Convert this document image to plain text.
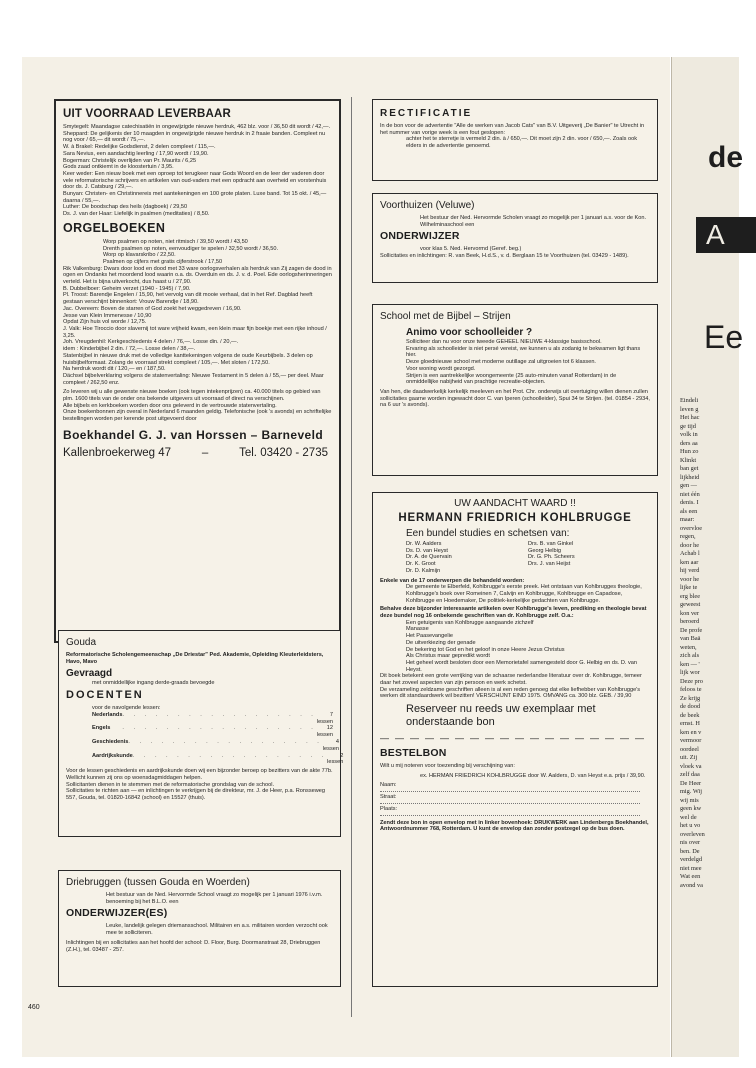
UIT VOORRAAD LEVERBAAR

Smytegelt: Maandagse catechisatiën in ongewijzigde nieuwe herdruk, 462 blz. voor / 36,50 dit wordt / 42,—.

Sheppard: De gelijkenis der 10 maagden in ongewijzigde nieuwe herdruk in 2 fraaie banden. Compleet nu nog voor / 65,— dit wordt / 75,—.

W. à Brakel: Redelijke Godsdienst, 2 delen compleet / 115,—.

Sara Nevius, een aandachtig leerling / 17,90 wordt / 19,90.

Bogerman: Christelijk overlijden van Pr. Maurits / 6,25

Gods zaad ontkiemt in de kloostertuin / 3,95.

Keer weder: Een nieuw boek met een oproep tot terugkeer naar Gods Woord en de leer der vaderen door vele reformatorische schrijvers en artikelen van oud-vaders met een opdracht aan overheid en vorstenhuis door ds. J. Catsburg / 29,—.

Bunyan: Christen- en Christinnereis met aantekeningen en 100 grote platen. Luxe band. Tot 15 okt. / 45,— daarna / 55,—.

Luther: De boodschap des heils (dagboek) / 29,50

Ds. J. van der Haar: Liefelijk in psalmen (meditaties) / 8,50.

ORGELBOEKEN

Worp psalmen op noten, niet ritmisch / 39,50 wordt / 43,50

Drenth psalmen op noten, eenvoudiger te spelen / 32,50 wordt / 36,50.

Worp op klavarskribo / 22,50.

Psalmen op cijfers met gratis cijferstrook / 17,50

Rik Valkenburg: Dwars door lood en dood met 33 ware oorlogsverhalen als herdruk van Zij zagen de dood in ogen en Ondanks het moordend lood waarin o.a. ds. Overduin en ds. J. v. d. Poel. Ede oorlogsherinneringen verteld. Het is bijna uitverkocht, dus haast u / 27,90.

B. Dubbelboer: Geheim verzet (1940 - 1945) / 7,90.

Pl. Troost: Barendje Engelen / 15,90, het vervolg van dit mooie verhaal, dat in het Ref. Dagblad heeft gestaan verschijnt binnenkort: Vrouw Barendje / 18,90.

Jac. Overeem: Boven de starren of God zoekt het weggedreven / 16,90.

Jesse van Klein Immenesse / 10,90

Opdat Zijn huis vol worde / 12,75.

J. Valk: Hoe Tiroccio door slavernij tot ware vrijheid kwam, een klein maar fijn boekje met een rijke inhoud / 3,25.

Joh. Vreugdenhil: Kerkgeschiedenis 4 delen / 76,—. Losse din. / 20,—.

idem : Kinderbijbel 2 din. / 72,—. Losse delen / 38,—.

Statenbijbel in nieuwe druk met de volledige kanttekeningen volgens de oude Keurbijbels. 3 delen op huisbijbelformaat. Zolang de voorraad strekt compleet / 105,—. Met sloten / 172,50.

Na herdruk wordt dit / 120,— en / 187,50.

Dächsel bijbelverklaring volgens de statenvertaling: Nieuwe Testament in 5 delen à / 55,— per deel. Maar compleet / 262,50 enz.

Zo leveren wij u alle gewenste nieuwe boeken (ook tegen intekenprijzen) ca. 40.000 titels op gebied van plm. 1600 titels van de onder ons bekende uitgevers uit voorraad of direct na verschijnen.

Alle bijbels en kerkboeken worden door ons geleverd in de vertrouwde statenvertaling.

Onze boekenbonnen zijn overal in Nederland 6 maanden geldig. Telefonische (ook 's avonds) en schriftelijke bestellingen worden per kerende post uitgevoerd door

Boekhandel G. J. van Horssen – Barneveld
Kallenbroekerweg 47	–	Tel. 03420 - 2735
Gouda

Reformatorische Scholengemeenschap „De Driestar" Ped. Akademie, Opleiding Kleuterleidsters, Havo, Mavo

Gevraagd

met onmiddellijke ingang derde-graads bevoegde

DOCENTEN

voor de navolgende lessen:

Nederlands . . . . . . . . . . . . . . . . . .	7 lessen
Engels	. . . . . . . . . . . . . . . . . .	12 lessen
Geschiedenis . . . . . . . . . . . . . . . . . .	4 lessen
Aardrijkskunde . . . . . . . . . . . . . . . . . .	2 lessen

Voor de lessen geschiedenis en aardrijkskunde doen wij een bijzonder beroep op bezitters van de akte 77b. Wellicht kunnen zij ons op woensdagmiddagen helpen.

Sollicitanten dienen in te stemmen met de reformatorische grondslag van de school.

Sollicitaties te richten aan — en inlichtingen te verkrijgen bij de direkteur, mr. J. de Heer, p.a. Ronsseweg 557, Gouda, tel. 01820-16842 (school) en 15527 (thuis).

Driebruggen (tussen Gouda en Woerden)

Het bestuur van de Ned. Hervormde School vraagt zo mogelijk per 1 januari 1976 i.v.m. benoeming bij het B.L.O. een

ONDERWIJZER(ES)

Leuke, landelijk gelegen driemansschool. Militairen en a.s. militairen worden verzocht ook mee te solliciteren.

Inlichtingen bij en sollicitaties aan het hoofd der school: D. Floor, Burg. Doormanstraat 28, Driebruggen (Z.H.), tel. 03487 - 257.

RECTIFICATIE

In de bon voor de advertentie "Alle de werken van Jacob Cats" van B.V. Uitgeverij „De Banier" te Utrecht in het nummer van vorige week is een fout geslopen:

achter het te sterretje is vermeld 2 din. à / 650,—. Dit moet zijn 2 din. voor / 650,—. Zoals ook elders in de advertentie genoemd.

Voorthuizen (Veluwe)

Het bestuur der Ned. Hervormde Scholen vraagt zo mogelijk per 1 januari a.s. voor de Kon. Wilhelminaschool een

ONDERWIJZER

voor klas 5. Ned. Hervormd (Geref. beg.)

Sollicitaties en inlichtingen: R. van Beek, H.d.S., v. d. Berglaan 15 te Voorthuizen (tel. 03429 - 1489).

School met de Bijbel – Strijen
Animo voor schoolleider ?

Solliciteer dan nu voor onze tweede GEHEEL NIEUWE 4-klassige basisschool.

Ervaring als schoolleider is niet persé vereist, we kunnen u als zodanig te bekwamen ligt thans hier.

Deze gloednieuwe school met moderne outillage zal uitgroeien tot 6 klassen.

Voor woning wordt gezorgd.

Strijen is een aantrekkelijke woongemeente (25 auto-minuten vanaf Rotterdam) in de onmiddellijke nabijheid van prachtige recreatie-objecten.

Van hen, die daadwerkelijk kerkelijk meeleven en het Prot. Chr. onderwijs uit overtuiging willen dienen zullen sollicitaties gaarne worden ingewacht door C. van Iperen (schoolleider), Spui 34 te Strijen. (tel. 01854 - 2934, na 6 uur 's avonds).

UW AANDACHT WAARD !!
HERMANN FRIEDRICH KOHLBRUGGE
Een bundel studies en schetsen van:

Dr. W. Aalders

Ds. D. van Heyst

Dr. A. de Quervain

Dr. K. Groot

Dr. D. Kalmijn

Drs. B. van Ginkel

Georg Helbig

Dr. G. Ph. Scheers

Drs. J. van Heijst

Enkele van de 17 onderwerpen die behandeld worden:

De gemeente te Elberfeld, Kohlbrugge's eerste preek. Het ontstaan van Kohlbrugges theologie, Kohlbrugge's boek over Romeinen 7, Calvijn en Kohlbrugge, Kohlbrugge en Capadose, Kohlbrugge en Hoedemaker, De politiek-kerkelijke gedachten van Kohlbrugge.

Behalve deze bijzonder interessante artikelen over Kohlbrugge's leven, prediking en theologie bevat deze bundel nog 16 onbekende geschriften van dr. Kohlbrugge zelf. O.a.:

Een getuigenis van Kohlbrugge aangaande zichzelf

Manasse

Het Paasevangelie

De uitverkiezing der genade

De bekering tot God en het geloof in onze Heere Jezus Christus

Als Christus maar gepredikt wordt

Het geheel wordt besloten door een Memorietafel samengesteld door G. Helbig en ds. D. van Heyst.

Dit boek betekent een grote verrijking van de schaarse nederlandse literatuur over dr. Kohlbrugge, temeer daar het zoveel aspecten van zijn persoon en werk schetst.

De verzameling zeldzame geschriften alleen is al een reden genoeg dat elke liefhebber van Kohlbrugge's werken dit standaardwerk wil bezitten! VERSCHIJNT EIND 1975. OMVANG ca. 300 blz. GEB. / 39,90

Reserveer nu reeds uw exemplaar met onderstaande bon
——————————————————
BESTELBON

Wilt u mij noteren voor toezending bij verschijning van:

ex. HERMAN FRIEDRICH KOHLBRUGGE door W. Aalders, D. van Heyst e.a. prijs / 39,90.

Naam:
Straat:
Plaats:

Zendt deze bon in open envelop met in linker bovenhoek: DRUKWERK aan Lindenbergs Boekhandel, Antwoordnummer 768, Rotterdam. U kunt de envelop dan zonder postzegel op de bus doen.

460
de
A
Ee
Eindeli
leven g
Het hac
ge tijd
volk in
ders aa
Hun zo
Klinkt
ban get
lijkheid
gen —
niet één
denis. I
als een
maar:
overvloe
regen,
door he
Achab l
ken aar
hij verd
voor he
lijke te
erg blee
geweest
kon ver
beroerd
De profe
van Baä
weten,
zich als
ken — '
lijk wor
Deze pro
feloos te
Ze krijg
de dood
de beek
ernst. H
ken en v
vermoor
oordeel
uit. Zij
vloek va
zelf daa
De Heer
mig. Wij
wij mis
geen kw
wel de
het u vo
overleven
nis over
ben. De
verdelgd
niet mee
Wat een
avond va
